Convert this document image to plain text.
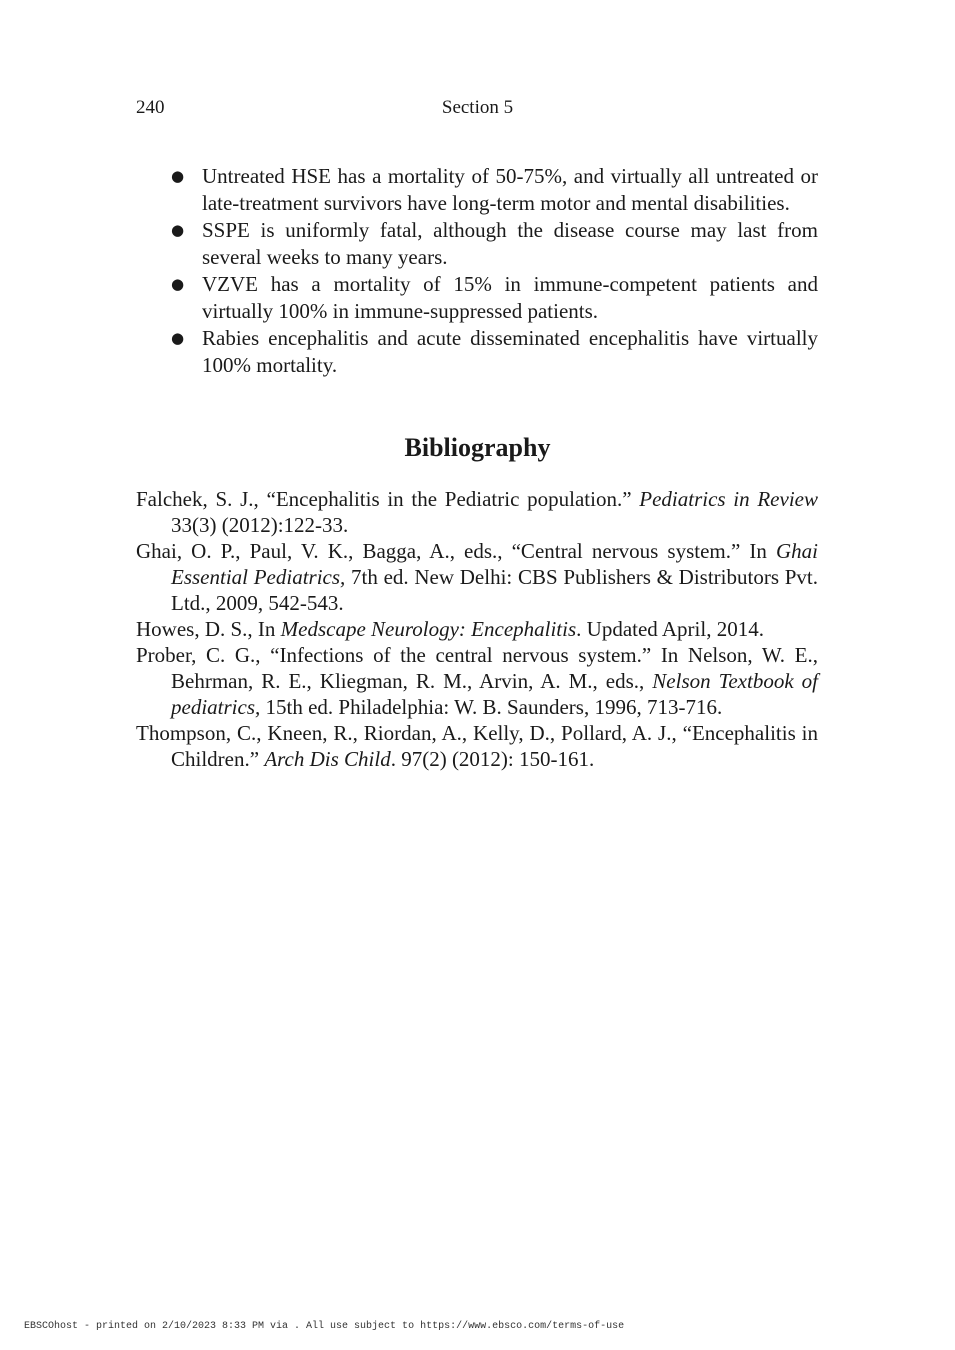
240	Section 5
● Untreated HSE has a mortality of 50-75%, and virtually all untreated or late-treatment survivors have long-term motor and mental disabilities.
● SSPE is uniformly fatal, although the disease course may last from several weeks to many years.
● VZVE has a mortality of 15% in immune-competent patients and virtually 100% in immune-suppressed patients.
● Rabies encephalitis and acute disseminated encephalitis have virtually 100% mortality.
Bibliography
Falchek, S. J., “Encephalitis in the Pediatric population.” Pediatrics in Review 33(3) (2012):122-33.
Ghai, O. P., Paul, V. K., Bagga, A., eds., “Central nervous system.” In Ghai Essential Pediatrics, 7th ed. New Delhi: CBS Publishers & Distributors Pvt. Ltd., 2009, 542-543.
Howes, D. S., In Medscape Neurology: Encephalitis. Updated April, 2014.
Prober, C. G., “Infections of the central nervous system.” In Nelson, W. E., Behrman, R. E., Kliegman, R. M., Arvin, A. M., eds., Nelson Textbook of pediatrics, 15th ed. Philadelphia: W. B. Saunders, 1996, 713-716.
Thompson, C., Kneen, R., Riordan, A., Kelly, D., Pollard, A. J., “Encephalitis in Children.” Arch Dis Child. 97(2) (2012): 150-161.
EBSCOhost - printed on 2/10/2023 8:33 PM via . All use subject to https://www.ebsco.com/terms-of-use
